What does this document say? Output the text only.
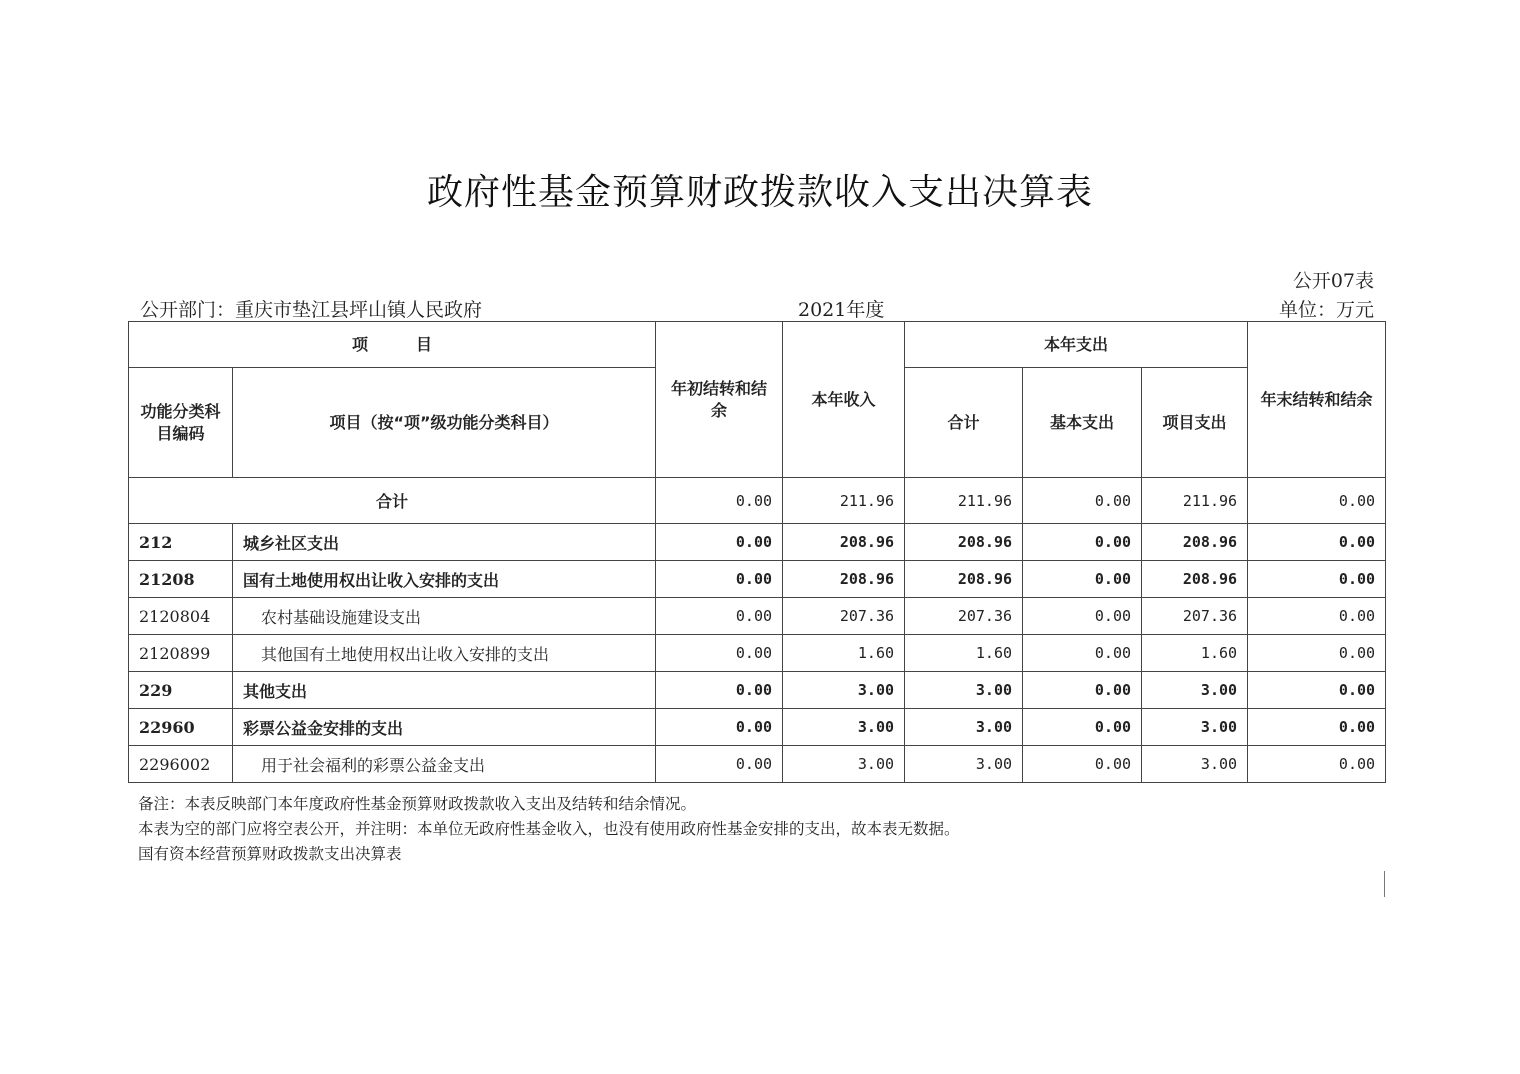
政府性基金预算财政拨款收入支出决算表
公开07表
公开部门：重庆市垫江县坪山镇人民政府	2021年度	单位：万元
项　　　目		年初结转和结余	本年收入	本年支出			年末结转和结余
功能分类科目编码	项目（按“项”级功能分类科目）			合计	基本支出	项目支出	
合计		0.00	211.96	211.96	0.00	211.96	0.00
212	城乡社区支出	0.00	208.96	208.96	0.00	208.96	0.00
21208	国有土地使用权出让收入安排的支出	0.00	208.96	208.96	0.00	208.96	0.00
2120804	农村基础设施建设支出	0.00	207.36	207.36	0.00	207.36	0.00
2120899	其他国有土地使用权出让收入安排的支出	0.00	1.60	1.60	0.00	1.60	0.00
229	其他支出	0.00	3.00	3.00	0.00	3.00	0.00
22960	彩票公益金安排的支出	0.00	3.00	3.00	0.00	3.00	0.00
2296002	用于社会福利的彩票公益金支出	0.00	3.00	3.00	0.00	3.00	0.00
备注：本表反映部门本年度政府性基金预算财政拨款收入支出及结转和结余情况。
本表为空的部门应将空表公开，并注明：本单位无政府性基金收入，也没有使用政府性基金安排的支出，故本表无数据。
国有资本经营预算财政拨款支出决算表
